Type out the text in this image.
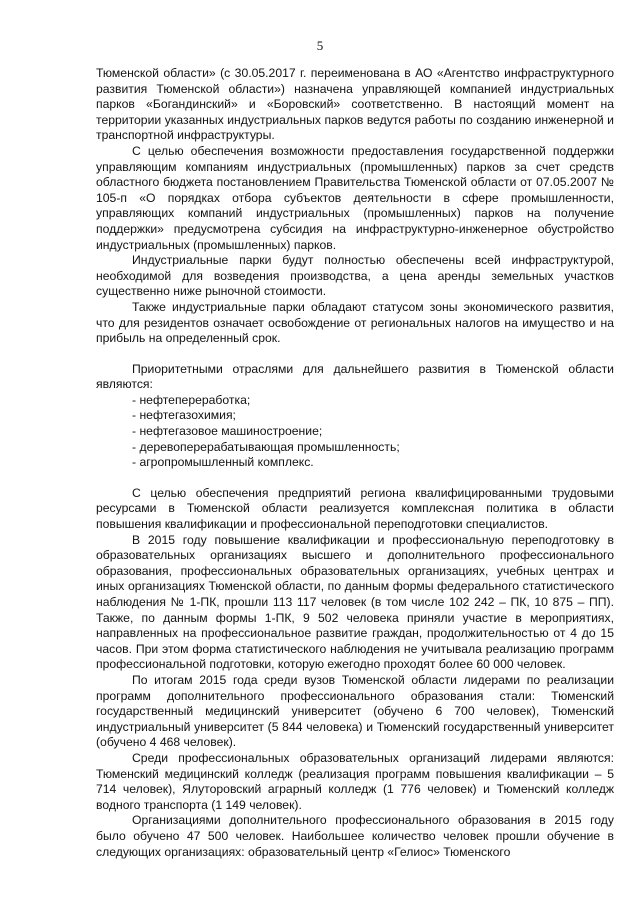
5

Тюменской области» (с 30.05.2017 г. переименована в АО «Агентство инфраструктурного развития Тюменской области») назначена управляющей компанией индустриальных парков «Богандинский» и «Боровский» соответственно. В настоящий момент на территории указанных индустриальных парков ведутся работы по созданию инженерной и транспортной инфраструктуры.

С целью обеспечения возможности предоставления государственной поддержки управляющим компаниям индустриальных (промышленных) парков за счет средств областного бюджета постановлением Правительства Тюменской области от 07.05.2007 № 105-п «О порядках отбора субъектов деятельности в сфере промышленности, управляющих компаний индустриальных (промышленных) парков на получение поддержки» предусмотрена субсидия на инфраструктурно-инженерное обустройство индустриальных (промышленных) парков.

Индустриальные парки будут полностью обеспечены всей инфраструктурой, необходимой для возведения производства, а цена аренды земельных участков существенно ниже рыночной стоимости.

Также индустриальные парки обладают статусом зоны экономического развития, что для резидентов означает освобождение от региональных налогов на имущество и на прибыль на определенный срок.

Приоритетными отраслями для дальнейшего развития в Тюменской области являются:

- нефтепереработка;
- нефтегазохимия;
- нефтегазовое машиностроение;
- деревоперерабатывающая промышленность;
- агропромышленный комплекс.

С целью обеспечения предприятий региона квалифицированными трудовыми ресурсами в Тюменской области реализуется комплексная политика в области повышения квалификации и профессиональной переподготовки специалистов.

В 2015 году повышение квалификации и профессиональную переподготовку в образовательных организациях высшего и дополнительного профессионального образования, профессиональных образовательных организациях, учебных центрах и иных организациях Тюменской области, по данным формы федерального статистического наблюдения № 1-ПК, прошли 113 117 человек (в том числе 102 242 – ПК, 10 875 – ПП). Также, по данным формы 1-ПК, 9 502 человека приняли участие в мероприятиях, направленных на профессиональное развитие граждан, продолжительностью от 4 до 15 часов. При этом форма статистического наблюдения не учитывала реализацию программ профессиональной подготовки, которую ежегодно проходят более 60 000 человек.

По итогам 2015 года среди вузов Тюменской области лидерами по реализации программ дополнительного профессионального образования стали: Тюменский государственный медицинский университет (обучено 6 700 человек), Тюменский индустриальный университет (5 844 человека) и Тюменский государственный университет (обучено 4 468 человек).

Среди профессиональных образовательных организаций лидерами являются: Тюменский медицинский колледж (реализация программ повышения квалификации – 5 714 человек), Ялуторовский аграрный колледж (1 776 человек) и Тюменский колледж водного транспорта (1 149 человек).

Организациями дополнительного профессионального образования в 2015 году было обучено 47 500 человек. Наибольшее количество человек прошли обучение в следующих организациях: образовательный центр «Гелиос» Тюменского
